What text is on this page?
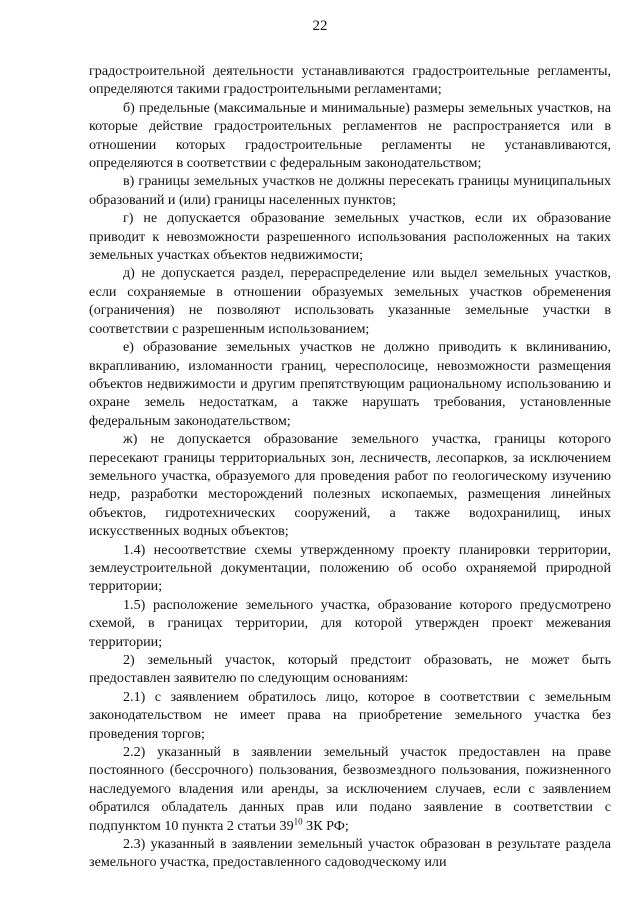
22

градостроительной деятельности устанавливаются градостроительные регламенты, определяются такими градостроительными регламентами;

б) предельные (максимальные и минимальные) размеры земельных участков, на которые действие градостроительных регламентов не распространяется или в отношении которых градостроительные регламенты не устанавливаются, определяются в соответствии с федеральным законодательством;

в) границы земельных участков не должны пересекать границы муниципальных образований и (или) границы населенных пунктов;

г) не допускается образование земельных участков, если их образование приводит к невозможности разрешенного использования расположенных на таких земельных участках объектов недвижимости;

д) не допускается раздел, перераспределение или выдел земельных участков, если сохраняемые в отношении образуемых земельных участков обременения (ограничения) не позволяют использовать указанные земельные участки в соответствии с разрешенным использованием;

е) образование земельных участков не должно приводить к вклиниванию, вкрапливанию, изломанности границ, чересполосице, невозможности размещения объектов недвижимости и другим препятствующим рациональному использованию и охране земель недостаткам, а также нарушать требования, установленные федеральным законодательством;

ж) не допускается образование земельного участка, границы которого пересекают границы территориальных зон, лесничеств, лесопарков, за исключением земельного участка, образуемого для проведения работ по геологическому изучению недр, разработки месторождений полезных ископаемых, размещения линейных объектов, гидротехнических сооружений, а также водохранилищ, иных искусственных водных объектов;

1.4) несоответствие схемы утвержденному проекту планировки территории, землеустроительной документации, положению об особо охраняемой природной территории;

1.5) расположение земельного участка, образование которого предусмотрено схемой, в границах территории, для которой утвержден проект межевания территории;

2) земельный участок, который предстоит образовать, не может быть предоставлен заявителю по следующим основаниям:

2.1) с заявлением обратилось лицо, которое в соответствии с земельным законодательством не имеет права на приобретение земельного участка без проведения торгов;

2.2) указанный в заявлении земельный участок предоставлен на праве постоянного (бессрочного) пользования, безвозмездного пользования, пожизненного наследуемого владения или аренды, за исключением случаев, если с заявлением обратился обладатель данных прав или подано заявление в соответствии с подпунктом 10 пункта 2 статьи $39^{10}$ ЗК РФ;

2.3) указанный в заявлении земельный участок образован в результате раздела земельного участка, предоставленного садоводческому или
